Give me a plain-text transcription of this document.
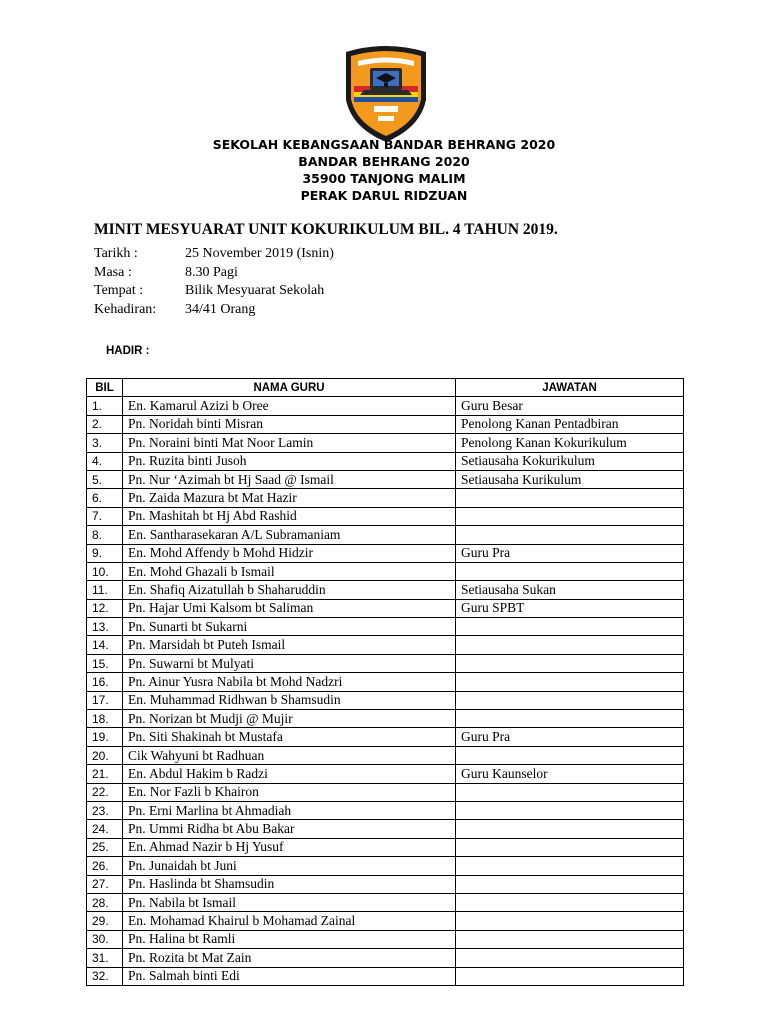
SEKOLAH KEBANGSAAN BANDAR BEHRANG 2020
BANDAR BEHRANG 2020
35900 TANJONG MALIM
PERAK DARUL RIDZUAN
MINIT MESYUARAT UNIT KOKURIKULUM BIL. 4 TAHUN 2019.
Tarikh :	25 November 2019 (Isnin)
Masa :	8.30 Pagi
Tempat :	Bilik Mesyuarat Sekolah
Kehadiran:	34/41 Orang
HADIR :
BIL	NAMA GURU	JAWATAN
1.	En. Kamarul Azizi b Oree	Guru Besar
2.	Pn. Noridah binti Misran	Penolong Kanan Pentadbiran
3.	Pn. Noraini binti Mat Noor Lamin	Penolong Kanan Kokurikulum
4.	Pn. Ruzita binti Jusoh	Setiausaha Kokurikulum
5.	Pn. Nur ‘Azimah bt Hj Saad @ Ismail	Setiausaha Kurikulum
6.	Pn. Zaida Mazura bt Mat Hazir	
7.	Pn. Mashitah bt Hj Abd Rashid	
8.	En. Santharasekaran A/L Subramaniam	
9.	En. Mohd Affendy b Mohd Hidzir	Guru Pra
10.	En. Mohd Ghazali b Ismail	
11.	En. Shafiq Aizatullah b Shaharuddin	Setiausaha Sukan
12.	Pn. Hajar Umi Kalsom bt Saliman	Guru SPBT
13.	Pn. Sunarti bt Sukarni	
14.	Pn. Marsidah bt Puteh Ismail	
15.	Pn. Suwarni bt Mulyati	
16.	Pn. Ainur Yusra Nabila bt Mohd Nadzri	
17.	En. Muhammad Ridhwan b Shamsudin	
18.	Pn. Norizan bt Mudji @ Mujir	
19.	Pn. Siti Shakinah bt Mustafa	Guru Pra
20.	Cik Wahyuni bt Radhuan	
21.	En. Abdul Hakim b Radzi	Guru Kaunselor
22.	En. Nor Fazli b Khairon	
23.	Pn. Erni Marlina bt Ahmadiah	
24.	Pn. Ummi Ridha bt Abu Bakar	
25.	En. Ahmad Nazir b Hj Yusuf	
26.	Pn. Junaidah bt Juni	
27.	Pn. Haslinda bt Shamsudin	
28.	Pn. Nabila bt Ismail	
29.	En. Mohamad Khairul b Mohamad Zainal	
30.	Pn. Halina bt Ramli	
31.	Pn. Rozita bt Mat Zain	
32.	Pn. Salmah binti Edi	
